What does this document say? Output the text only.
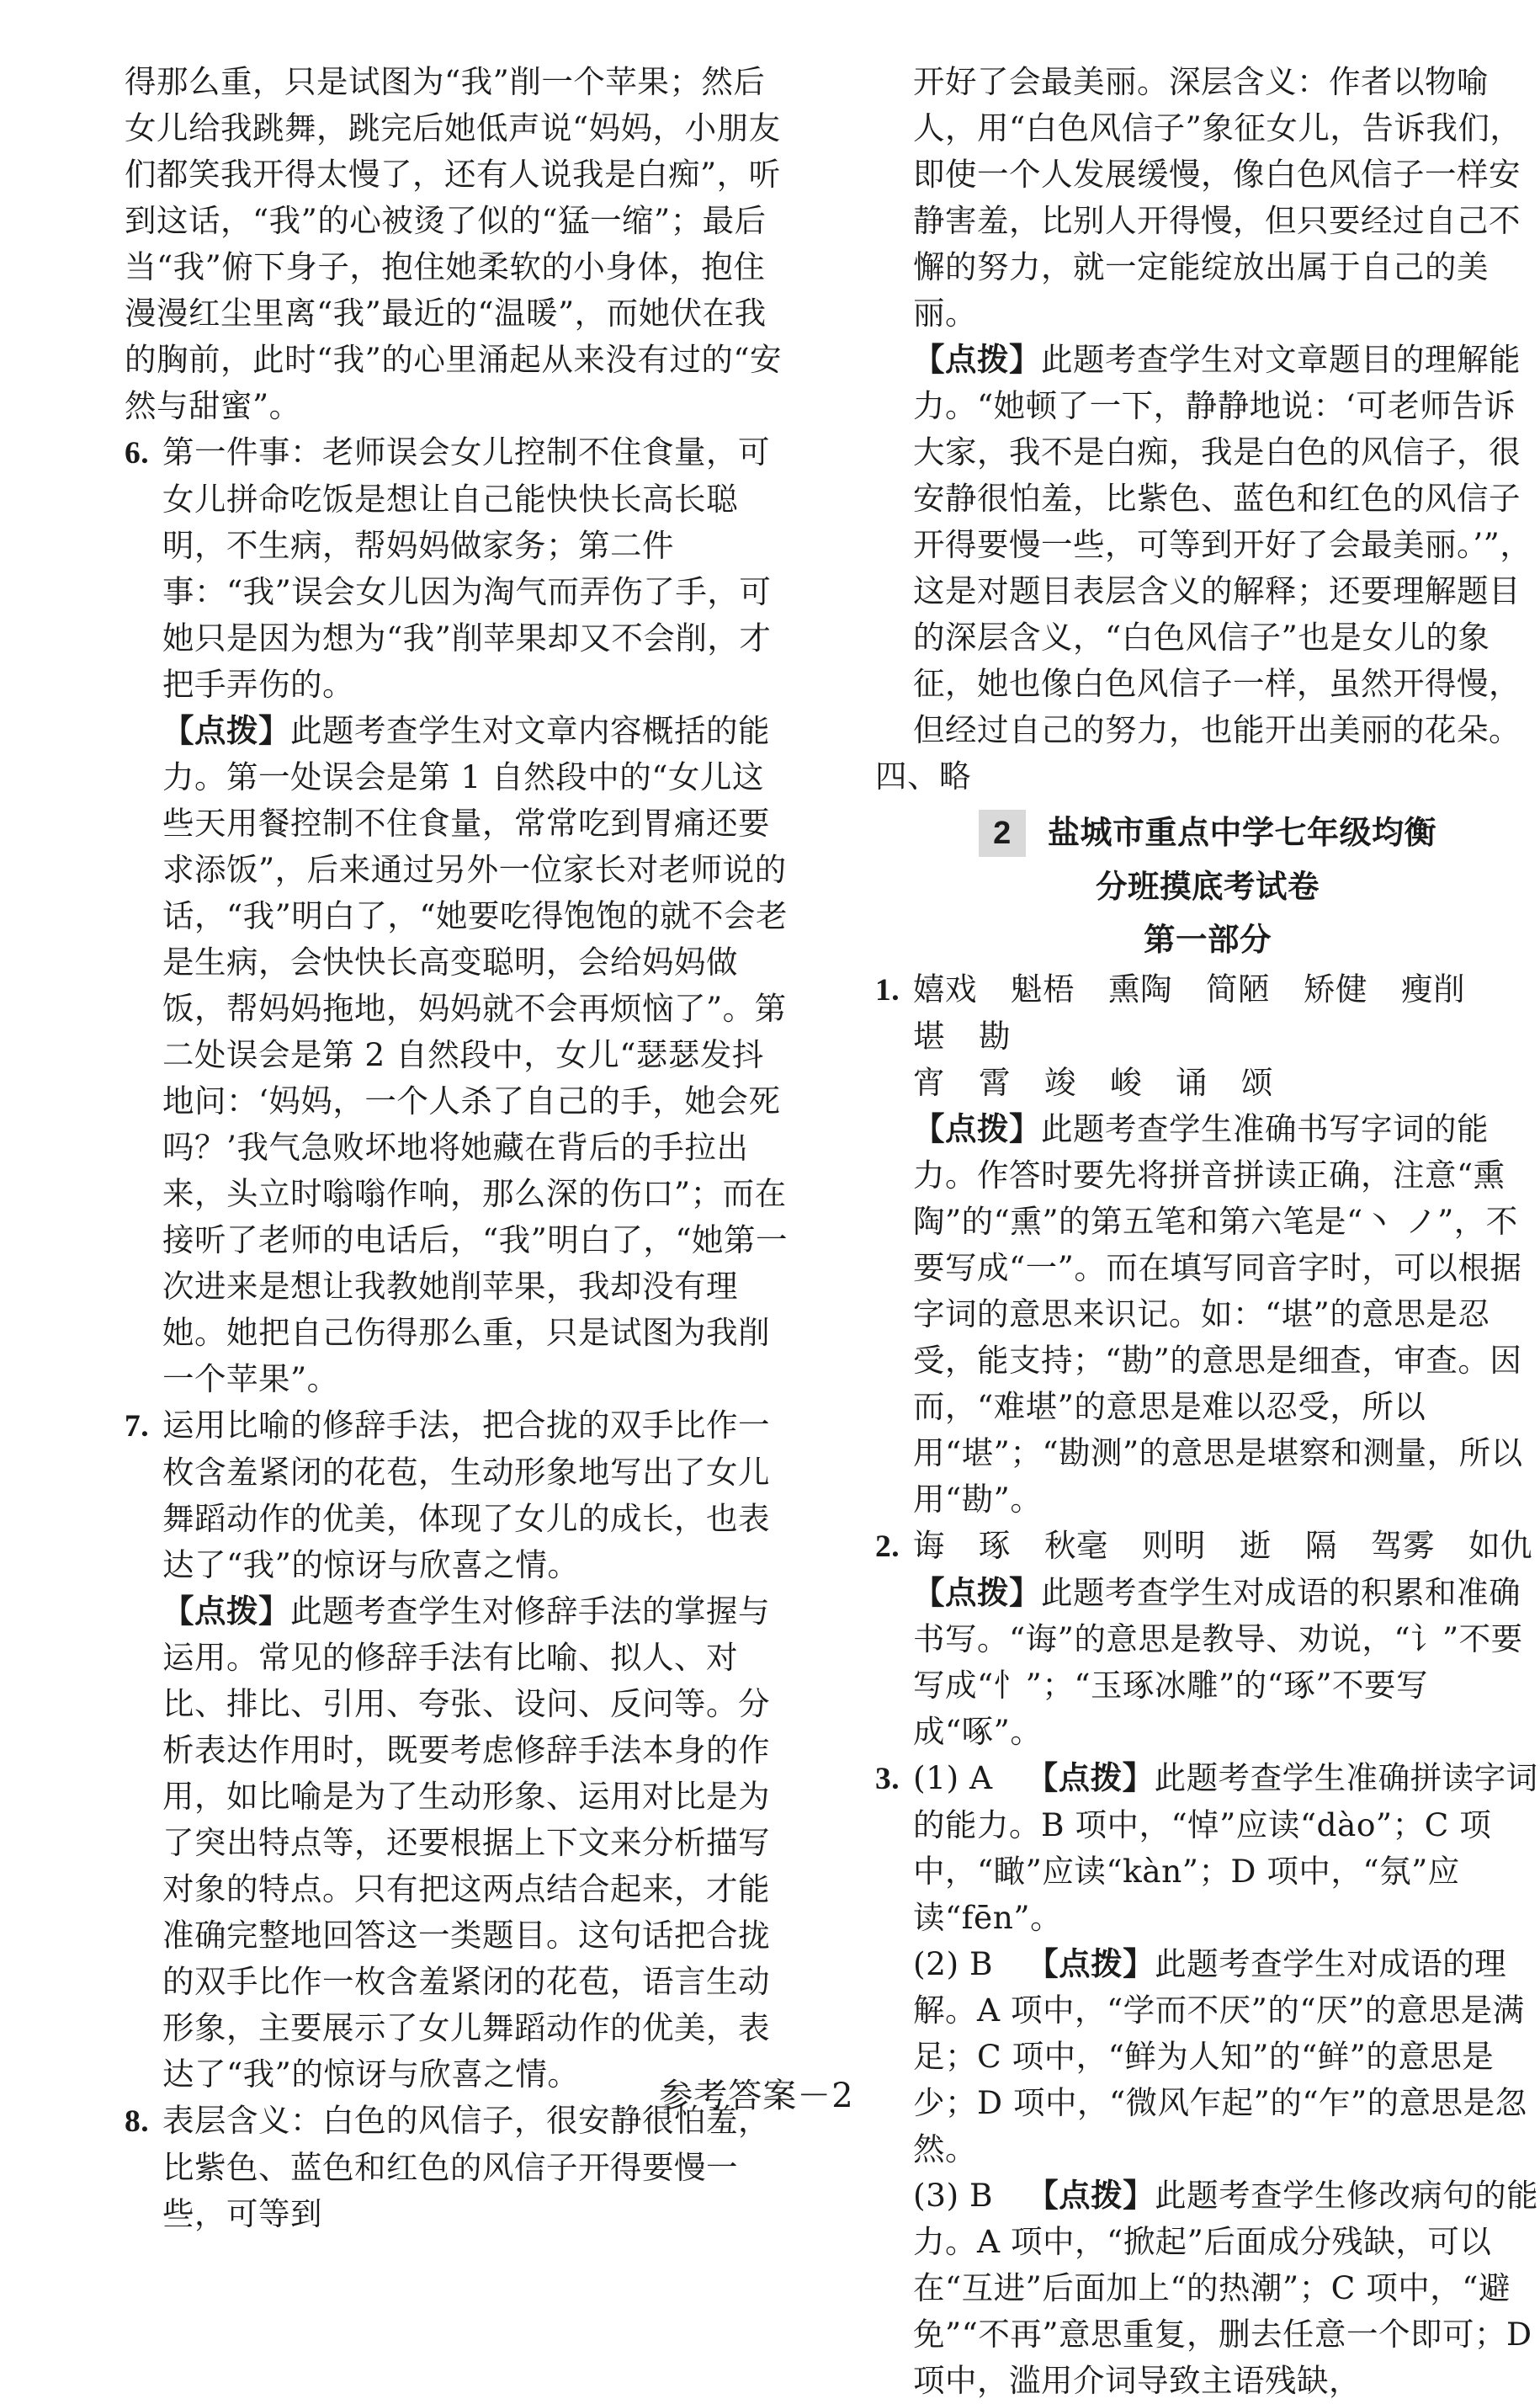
得那么重，只是试图为“我”削一个苹果；然后女儿给我跳舞，跳完后她低声说“妈妈，小朋友们都笑我开得太慢了，还有人说我是白痴”，听到这话，“我”的心被烫了似的“猛一缩”；最后当“我”俯下身子，抱住她柔软的小身体，抱住漫漫红尘里离“我”最近的“温暖”，而她伏在我的胸前，此时“我”的心里涌起从来没有过的“安然与甜蜜”。

6. 第一件事：老师误会女儿控制不住食量，可女儿拼命吃饭是想让自己能快快长高长聪明，不生病，帮妈妈做家务；第二件事：“我”误会女儿因为淘气而弄伤了手，可她只是因为想为“我”削苹果却又不会削，才把手弄伤的。

【点拨】此题考查学生对文章内容概括的能力。第一处误会是第 1 自然段中的“女儿这些天用餐控制不住食量，常常吃到胃痛还要求添饭”，后来通过另外一位家长对老师说的话，“我”明白了，“她要吃得饱饱的就不会老是生病，会快快长高变聪明，会给妈妈做饭，帮妈妈拖地，妈妈就不会再烦恼了”。第二处误会是第 2 自然段中，女儿“瑟瑟发抖地问：‘妈妈，一个人杀了自己的手，她会死吗？’我气急败坏地将她藏在背后的手拉出来，头立时嗡嗡作响，那么深的伤口”；而在接听了老师的电话后，“我”明白了，“她第一次进来是想让我教她削苹果，我却没有理她。她把自己伤得那么重，只是试图为我削一个苹果”。

7. 运用比喻的修辞手法，把合拢的双手比作一枚含羞紧闭的花苞，生动形象地写出了女儿舞蹈动作的优美，体现了女儿的成长，也表达了“我”的惊讶与欣喜之情。

【点拨】此题考查学生对修辞手法的掌握与运用。常见的修辞手法有比喻、拟人、对比、排比、引用、夸张、设问、反问等。分析表达作用时，既要考虑修辞手法本身的作用，如比喻是为了生动形象、运用对比是为了突出特点等，还要根据上下文来分析描写对象的特点。只有把这两点结合起来，才能准确完整地回答这一类题目。这句话把合拢的双手比作一枚含羞紧闭的花苞，语言生动形象，主要展示了女儿舞蹈动作的优美，表达了“我”的惊讶与欣喜之情。

8. 表层含义：白色的风信子，很安静很怕羞，比紫色、蓝色和红色的风信子开得要慢一些，可等到

开好了会最美丽。深层含义：作者以物喻人，用“白色风信子”象征女儿，告诉我们，即使一个人发展缓慢，像白色风信子一样安静害羞，比别人开得慢，但只要经过自己不懈的努力，就一定能绽放出属于自己的美丽。

【点拨】此题考查学生对文章题目的理解能力。“她顿了一下，静静地说：‘可老师告诉大家，我不是白痴，我是白色的风信子，很安静很怕羞，比紫色、蓝色和红色的风信子开得要慢一些，可等到开好了会最美丽。’”，这是对题目表层含义的解释；还要理解题目的深层含义，“白色风信子”也是女儿的象征，她也像白色风信子一样，虽然开得慢，但经过自己的努力，也能开出美丽的花朵。

四、略

2 盐城市重点中学七年级均衡

分班摸底考试卷

第一部分

1. 嬉戏 魁梧 熏陶 简陋 矫健 瘦削堪 勘

宵 霄 竣 峻 诵 颂

【点拨】此题考查学生准确书写字词的能力。作答时要先将拼音拼读正确，注意“熏陶”的“熏”的第五笔和第六笔是“丶 ノ”，不要写成“一”。而在填写同音字时，可以根据字词的意思来识记。如：“堪”的意思是忍受，能支持；“勘”的意思是细查，审查。因而，“难堪”的意思是难以忍受，所以用“堪”；“勘测”的意思是堪察和测量，所以用“勘”。

2. 诲 琢 秋毫 则明 逝 隔 驾雾 如仇

【点拨】此题考查学生对成语的积累和准确书写。“诲”的意思是教导、劝说，“讠”不要写成“忄”；“玉琢冰雕”的“琢”不要写成“啄”。

3. (1) A 【点拨】此题考查学生准确拼读字词的能力。B 项中，“悼”应读“dào”；C 项中，“瞰”应读“kàn”；D 项中，“氛”应读“fēn”。

(2) B 【点拨】此题考查学生对成语的理解。A 项中，“学而不厌”的“厌”的意思是满足；C 项中，“鲜为人知”的“鲜”的意思是少；D 项中，“微风乍起”的“乍”的意思是忽然。

(3) B 【点拨】此题考查学生修改病句的能力。A 项中，“掀起”后面成分残缺，可以在“互进”后面加上“的热潮”；C 项中，“避免”“不再”意思重复，删去任意一个即可；D 项中，滥用介词导致主语残缺，

参考答案－2
